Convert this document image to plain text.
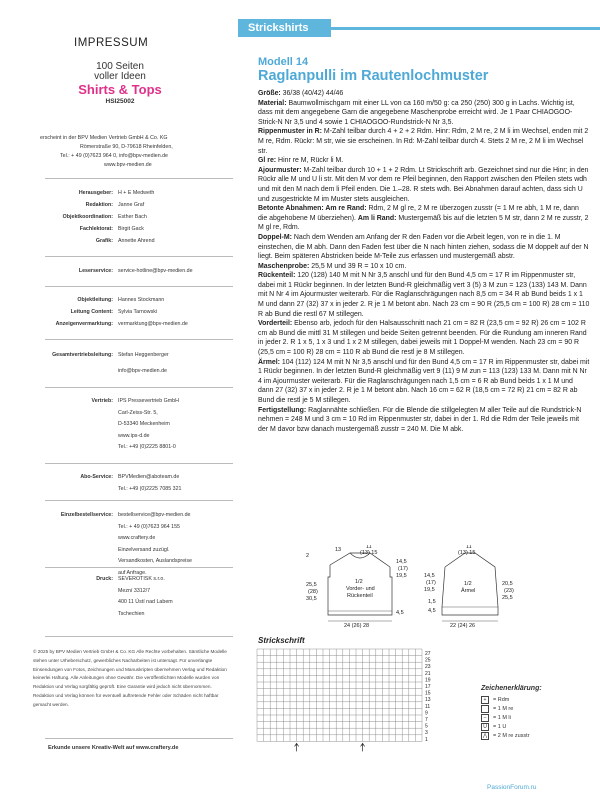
IMPRESSUM
100 Seiten
voller Ideen
Shirts & Tops
HSI25002
erscheint in der BPV Medien Vertrieb GmbH & Co. KG
Römerstraße 90, D-79618 Rheinfelden,
Tel.: + 49 (0)7623 964 0, info@bpv-medien.de
www.bpv-medien.de
Herausgeber: H + E Medweth
Redaktion: Janne Graf
Objektkoordination: Esther Bach
Fachlektorat: Birgit Gack
Grafik: Annette Ahrend
Leserservice: service-hotline@bpv-medien.de
Objektleitung: Hannes Stockmann
Leitung Content: Sylvia Tarnowski
Anzeigenvermarktung: vermarktung@bpv-medien.de
Gesamtvertriebsleitung: Stefan Heggenberger
info@bpv-medien.de
Vertrieb: IPS Pressevertrieb GmbH
Carl-Zeiss-Str. 5,
D-53340 Meckenheim
www.ips-d.de
Tel.: +49 (0)2225 8801-0
Abo-Service: BPVMedien@aboteam.de
Tel.: +49 (0)2225 7085 321
Einzelbestellservice: bestellservice@bpv-medien.de
Tel.: + 49 (0)7623 964 155
www.craftery.de
Einzelversand zuzügl.
Versandkosten, Auslandspreise
auf Anfrage.
Druck: SEVEROTISK s.r.o.
Mezní 3312/7
400 11 Ústí nad Labem
Tschechien
© 2025 by BPV Medien Vertrieb GmbH & Co. KG Alle Rechte vorbehalten. Sämtliche Modelle stehen unter Urheberschutz, gewerbliches Nacharbeiten ist untersagt. Für unverlangte Einsendungen von Fotos, Zeichnungen und Manuskripten übernehmen Verlag und Redaktion keinerlei Haftung. Alle Anleitungen ohne Gewähr. Die veröffentlichten Modelle wurden von Redaktion und Verlag sorgfältig geprüft. Eine Garantie wird jedoch nicht übernommen. Redaktion und Verlag können für eventuell auftretende Fehler oder Schäden nicht haftbar gemacht werden.
Erkunde unsere Kreativ-Welt auf www.craftery.de
Strickshirts
Modell 14
Raglanpulli im Rautenlochmuster

Größe: 36/38 (40/42) 44/46

Material: Baumwollmischgarn mit einer LL von ca 160 m/50 g: ca 250 (250) 300 g in Lachs. Wichtig ist, dass mit dem angegebene Garn die angegebene Maschenprobe erreicht wird. Je 1 Paar CHIAOGOO-Strick-N Nr 3,5 und 4 sowie 1 CHIAOGOO-Rundstrick-N Nr 3,5.

Rippenmuster in R: M-Zahl teilbar durch 4 + 2 + 2 Rdm. Hinr: Rdm, 2 M re, 2 M li im Wechsel, enden mit 2 M re, Rdm. Rückr: M str, wie sie erscheinen. In Rd: M-Zahl teilbar durch 4. Stets 2 M re, 2 M li im Wechsel str.

Gl re: Hinr re M, Rückr li M.

Ajourmuster: M-Zahl teilbar durch 10 + 1 + 2 Rdm. Lt Strickschrift arb. Gezeichnet sind nur die Hinr; in den Rückr alle M und U li str. Mit den M vor dem re Pfeil beginnen, den Rapport zwischen den Pfeilen stets wdh und mit den M nach dem li Pfeil enden. Die 1.–28. R stets wdh. Bei Abnahmen darauf achten, dass sich U und zusgestrickte M im Muster stets ausgleichen.

Betonte Abnahmen: Am re Rand: Rdm, 2 M gl re, 2 M re überzogen zusstr (= 1 M re abh, 1 M re, dann die abgehobene M überziehen). Am li Rand: Mustergemäß bis auf die letzten 5 M str, dann 2 M re zusstr, 2 M gl re, Rdm.

Doppel-M: Nach dem Wenden am Anfang der R den Faden vor die Arbeit legen, von re in die 1. M einstechen, die M abh. Dann den Faden fest über die N nach hinten ziehen, sodass die M doppelt auf der N liegt. Beim späteren Abstricken beide M-Teile zus erfassen und mustergemäß abstr.

Maschenprobe: 25,5 M und 39 R = 10 x 10 cm.

Rückenteil: 120 (128) 140 M mit N Nr 3,5 anschl und für den Bund 4,5 cm = 17 R im Rippenmuster str, dabei mit 1 Rückr beginnen. In der letzten Bund-R gleichmäßig vert 3 (5) 3 M zun = 123 (133) 143 M. Dann mit N Nr 4 im Ajourmuster weiterarb. Für die Raglanschrägungen nach 8,5 cm = 34 R ab Bund beids 1 x 1 M und dann 27 (32) 37 x in jeder 2. R je 1 M betont abn. Nach 23 cm = 90 R (25,5 cm = 100 R) 28 cm = 110 R ab Bund die restl 67 M stillegen.

Vorderteil: Ebenso arb, jedoch für den Halsausschnitt nach 21 cm = 82 R (23,5 cm = 92 R) 26 cm = 102 R cm ab Bund die mittl 31 M stillegen und beide Seiten getrennt beenden. Für die Rundung am inneren Rand in jeder 2. R 1 x 5, 1 x 3 und 1 x 2 M stillegen, dabei jeweils mit 1 Doppel-M wenden. Nach 23 cm = 90 R (25,5 cm = 100 R) 28 cm = 110 R ab Bund die restl je 8 M stillegen.

Ärmel: 104 (112) 124 M mit N Nr 3,5 anschl und für den Bund 4,5 cm = 17 R im Rippenmuster str, dabei mit 1 Rückr beginnen. In der letzten Bund-R gleichmäßig vert 9 (11) 9 M zun = 113 (123) 133 M. Dann mit N Nr 4 im Ajourmuster weiterarb. Für die Raglanschrägungen nach 1,5 cm = 6 R ab Bund beids 1 x 1 M und dann 27 (32) 37 x in jeder 2. R je 1 M betont abn. Nach 16 cm = 62 R (18,5 cm = 72 R) 21 cm = 82 R ab Bund die restl je 5 M stillegen.

Fertigstellung: Raglannähte schließen. Für die Blende die stillgelegten M aller Teile auf die Rundstrick-N nehmen = 248 M und 3 cm = 10 Rd im Rippenmuster str, dabei in der 1. Rd die Rdm der Teile jeweils mit der M davor bzw danach mustergemäß zusstr = 240 M. Die M abk.

1/2
Vorder- und
Rückenteil
13	11
(13) 15
2
25,5
(28)
30,5
14,5
(17)
19,5
4,5
24 (26) 28
1/2
Ärmel
11
(13) 15
14,5
(17)
19,5
1,5
4,5
20,5
(23)
25,5
22 (24) 26
Strickschrift
27
25
23
21
19
17
15
13
11
9
7
5
3
1
Zeichenerklärung:
+	= Rdm
= 1 M re
–	= 1 M li
U	= 1 U
⋀	= 2 M re zusstr
PassionForum.ru
